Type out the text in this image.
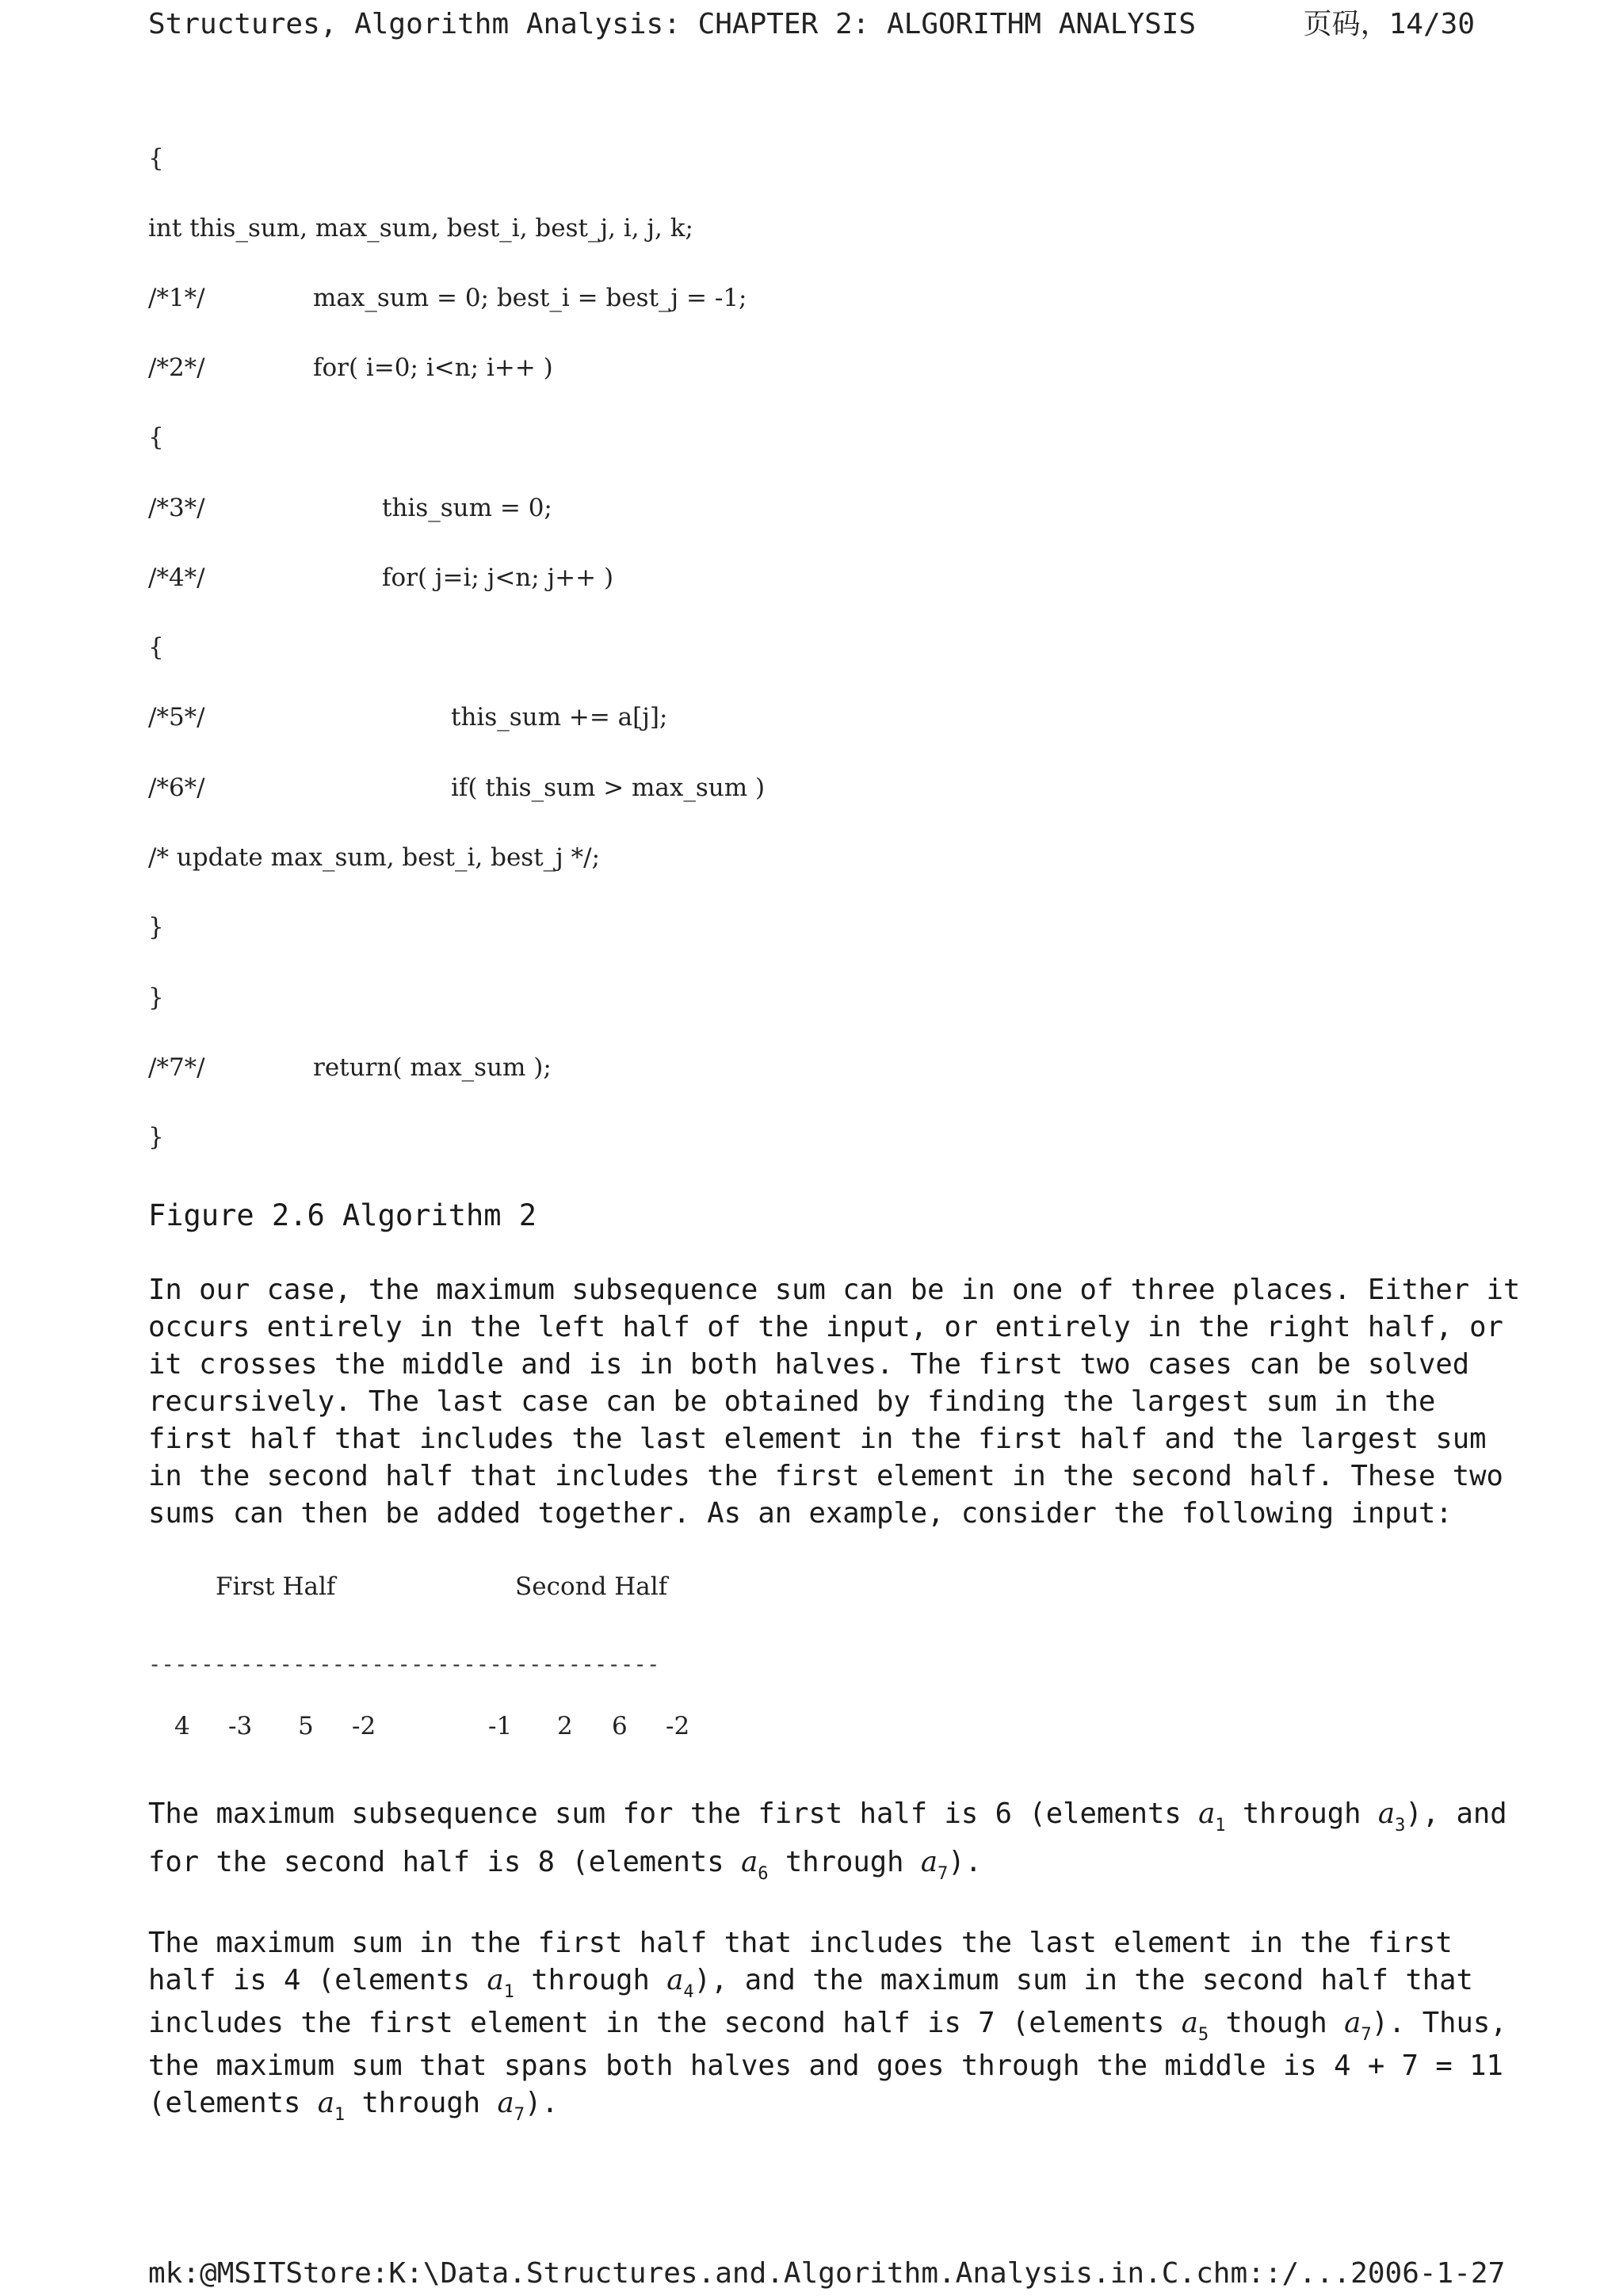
Structures, Algorithm Analysis: CHAPTER 2: ALGORITHM ANALYSIS	页码，14/30
{
int this_sum, max_sum, best_i, best_j, i, j, k;
/*1*/	max_sum = 0; best_i = best_j = -1;
/*2*/	for( i=0; i<n; i++ )
{
/*3*/	this_sum = 0;
/*4*/	for( j=i; j<n; j++ )
{
/*5*/	this_sum += a[j];
/*6*/	if( this_sum > max_sum )
/* update max_sum, best_i, best_j */;
}
}
/*7*/	return( max_sum );
}
Figure 2.6 Algorithm 2
In our case, the maximum subsequence sum can be in one of three places. Either it
occurs entirely in the left half of the input, or entirely in the right half, or
it crosses the middle and is in both halves. The first two cases can be solved
recursively. The last case can be obtained by finding the largest sum in the
first half that includes the last element in the first half and the largest sum
in the second half that includes the first element in the second half. These two
sums can then be added together. As an example, consider the following input:
First Half	Second Half
---------------------------------------
4 -3 5 -2	-1 2 6 -2
The maximum subsequence sum for the first half is 6 (elements $a_1$ through $a_3$), and
for the second half is 8 (elements $a_6$ through $a_7$).
The maximum sum in the first half that includes the last element in the first
half is 4 (elements $a_1$ through $a_4$), and the maximum sum in the second half that
includes the first element in the second half is 7 (elements $a_5$ though $a_7$). Thus,
the maximum sum that spans both halves and goes through the middle is 4 + 7 = 11
(elements $a_1$ through $a_7$).
mk:@MSITStore:K:\Data.Structures.and.Algorithm.Analysis.in.C.chm::/... 2006-1-27
